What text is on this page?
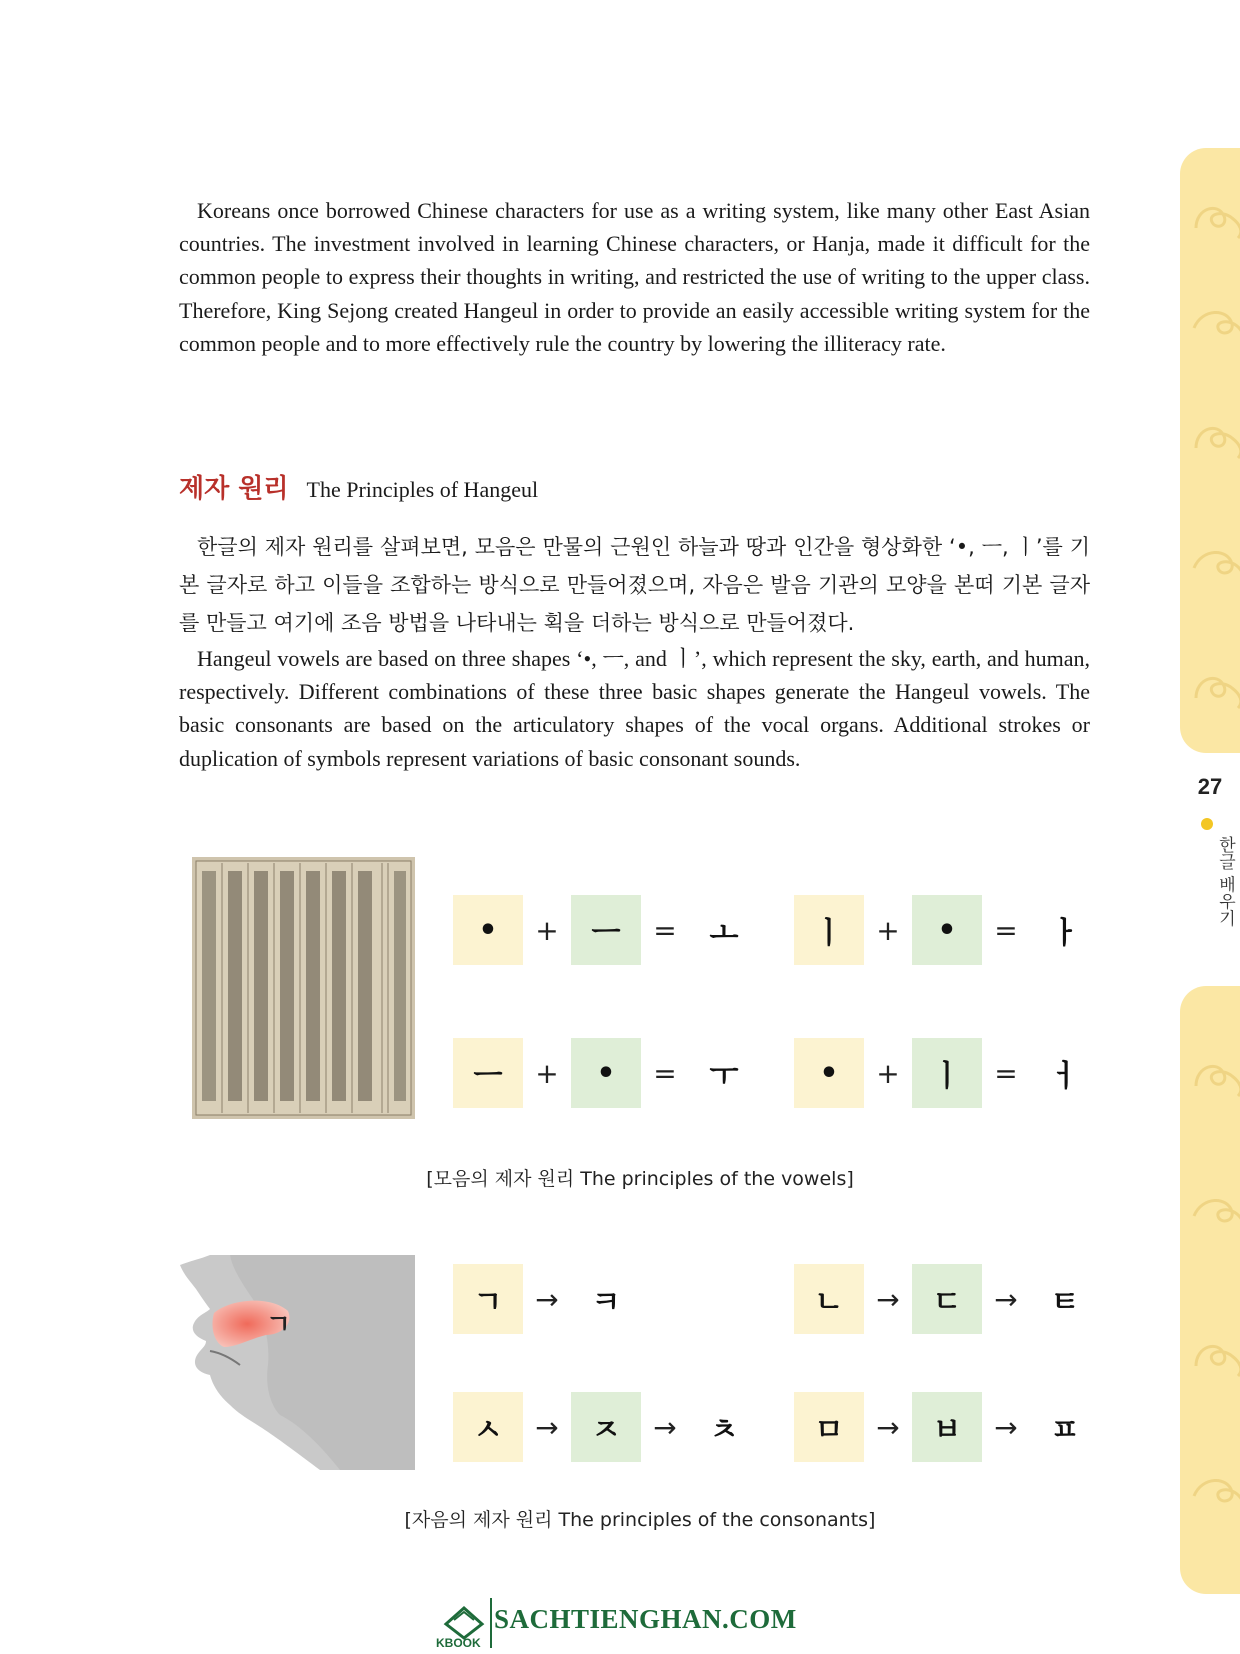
27
한글 배우기

Koreans once borrowed Chinese characters for use as a writing system, like many other East Asian countries. The investment involved in learning Chinese characters, or Hanja, made it difficult for the common people to express their thoughts in writing, and restricted the use of writing to the upper class. Therefore, King Sejong created Hangeul in order to provide an easily accessible writing system for the common people and to more effectively rule the country by lowering the illiteracy rate.

제자 원리 The Principles of Hangeul

한글의 제자 원리를 살펴보면, 모음은 만물의 근원인 하늘과 땅과 인간을 형상화한 ‘•, ㅡ, ㅣ’를 기본 글자로 하고 이들을 조합하는 방식으로 만들어졌으며, 자음은 발음 기관의 모양을 본떠 기본 글자를 만들고 여기에 조음 방법을 나타내는 획을 더하는 방식으로 만들어졌다.

Hangeul vowels are based on three shapes ‘•, ㅡ, and ㅣ’, which represent the sky, earth, and human, respectively. Different combinations of these three basic shapes generate the Hangeul vowels. The basic consonants are based on the articulatory shapes of the vocal organs. Additional strokes or duplication of symbols represent variations of basic consonant sounds.

•	+	ㅡ	=	ㅗ	ㅣ	+	•	=	ㅏ
ㅡ	+	•	=	ㅜ	•	+	ㅣ	=	ㅓ
[모음의 제자 원리 The principles of the vowels]
ㄱ
ㄱ	→	ㅋ	ㄴ	→	ㄷ	→	ㅌ
ㅅ	→	ㅈ	→	ㅊ	ㅁ	→	ㅂ	→	ㅍ
[자음의 제자 원리 The principles of the consonants]
KBOOK
SACHTIENGHAN.COM
